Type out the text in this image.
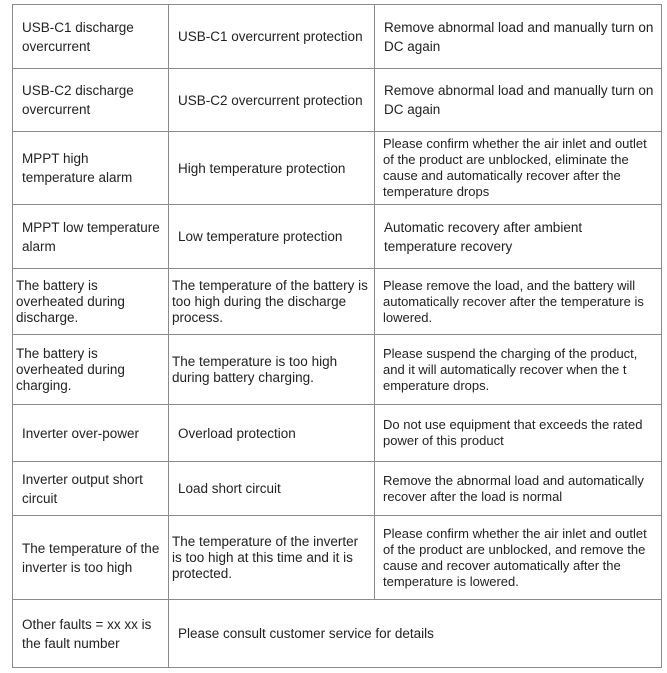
USB-C1 discharge overcurrent	USB-C1 overcurrent protection	Remove abnormal load and manually turn on DC again
USB-C2 discharge overcurrent	USB-C2 overcurrent protection	Remove abnormal load and manually turn on DC again
MPPT high temperature alarm	High temperature protection	Please confirm whether the air inlet and outlet of the product are unblocked, eliminate the cause and automatically recover after the temperature drops
MPPT low temperature alarm	Low temperature protection	Automatic recovery after ambient temperature recovery
The battery is overheated during discharge.	The temperature of the battery is too high during the discharge process.	Please remove the load, and the battery will automatically recover after the temperature is lowered.
The battery is overheated during charging.	The temperature is too high during battery charging.	Please suspend the charging of the product, and it will automatically recover when the t emperature drops.
Inverter over-power	Overload protection	Do not use equipment that exceeds the rated power of this product
Inverter output short circuit	Load short circuit	Remove the abnormal load and automatically recover after the load is normal
The temperature of the inverter is too high	The temperature of the inverter is too high at this time and it is protected.	Please confirm whether the air inlet and outlet of the product are unblocked, and remove the cause and recover automatically after the temperature is lowered.
Other faults = xx xx is the fault number	Please consult customer service for details	
